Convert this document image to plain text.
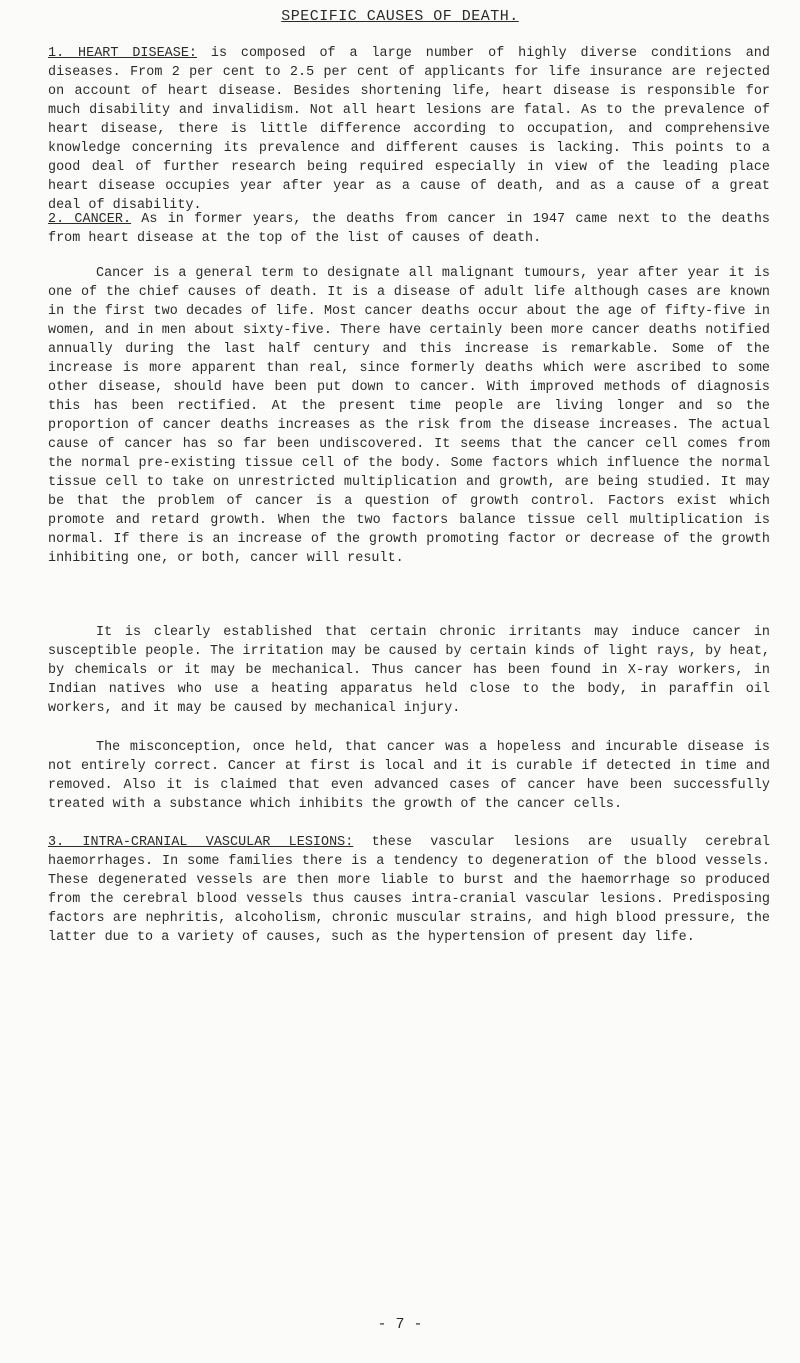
SPECIFIC CAUSES OF DEATH.

1. HEART DISEASE: is composed of a large number of highly diverse conditions and diseases. From 2 per cent to 2.5 per cent of applicants for life insurance are rejected on account of heart disease. Besides shortening life, heart disease is responsible for much disability and invalidism. Not all heart lesions are fatal. As to the prevalence of heart disease, there is little difference according to occupation, and comprehensive knowledge concerning its prevalence and different causes is lacking. This points to a good deal of further research being required especially in view of the leading place heart disease occupies year after year as a cause of death, and as a cause of a great deal of disability.

2. CANCER. As in former years, the deaths from cancer in 1947 came next to the deaths from heart disease at the top of the list of causes of death.

Cancer is a general term to designate all malignant tumours, year after year it is one of the chief causes of death. It is a disease of adult life although cases are known in the first two decades of life. Most cancer deaths occur about the age of fifty-five in women, and in men about sixty-five. There have certainly been more cancer deaths notified annually during the last half century and this increase is remarkable. Some of the increase is more apparent than real, since formerly deaths which were ascribed to some other disease, should have been put down to cancer. With improved methods of diagnosis this has been rectified. At the present time people are living longer and so the proportion of cancer deaths increases as the risk from the disease increases. The actual cause of cancer has so far been undiscovered. It seems that the cancer cell comes from the normal pre-existing tissue cell of the body. Some factors which influence the normal tissue cell to take on unrestricted multiplication and growth, are being studied. It may be that the problem of cancer is a question of growth control. Factors exist which promote and retard growth. When the two factors balance tissue cell multiplication is normal. If there is an increase of the growth promoting factor or decrease of the growth inhibiting one, or both, cancer will result.

It is clearly established that certain chronic irritants may induce cancer in susceptible people. The irritation may be caused by certain kinds of light rays, by heat, by chemicals or it may be mechanical. Thus cancer has been found in X-ray workers, in Indian natives who use a heating apparatus held close to the body, in paraffin oil workers, and it may be caused by mechanical injury.

The misconception, once held, that cancer was a hopeless and incurable disease is not entirely correct. Cancer at first is local and it is curable if detected in time and removed. Also it is claimed that even advanced cases of cancer have been successfully treated with a substance which inhibits the growth of the cancer cells.

3. INTRA-CRANIAL VASCULAR LESIONS: these vascular lesions are usually cerebral haemorrhages. In some families there is a tendency to degeneration of the blood vessels. These degenerated vessels are then more liable to burst and the haemorrhage so produced from the cerebral blood vessels thus causes intra-cranial vascular lesions. Predisposing factors are nephritis, alcoholism, chronic muscular strains, and high blood pressure, the latter due to a variety of causes, such as the hypertension of present day life.

- 7 -
